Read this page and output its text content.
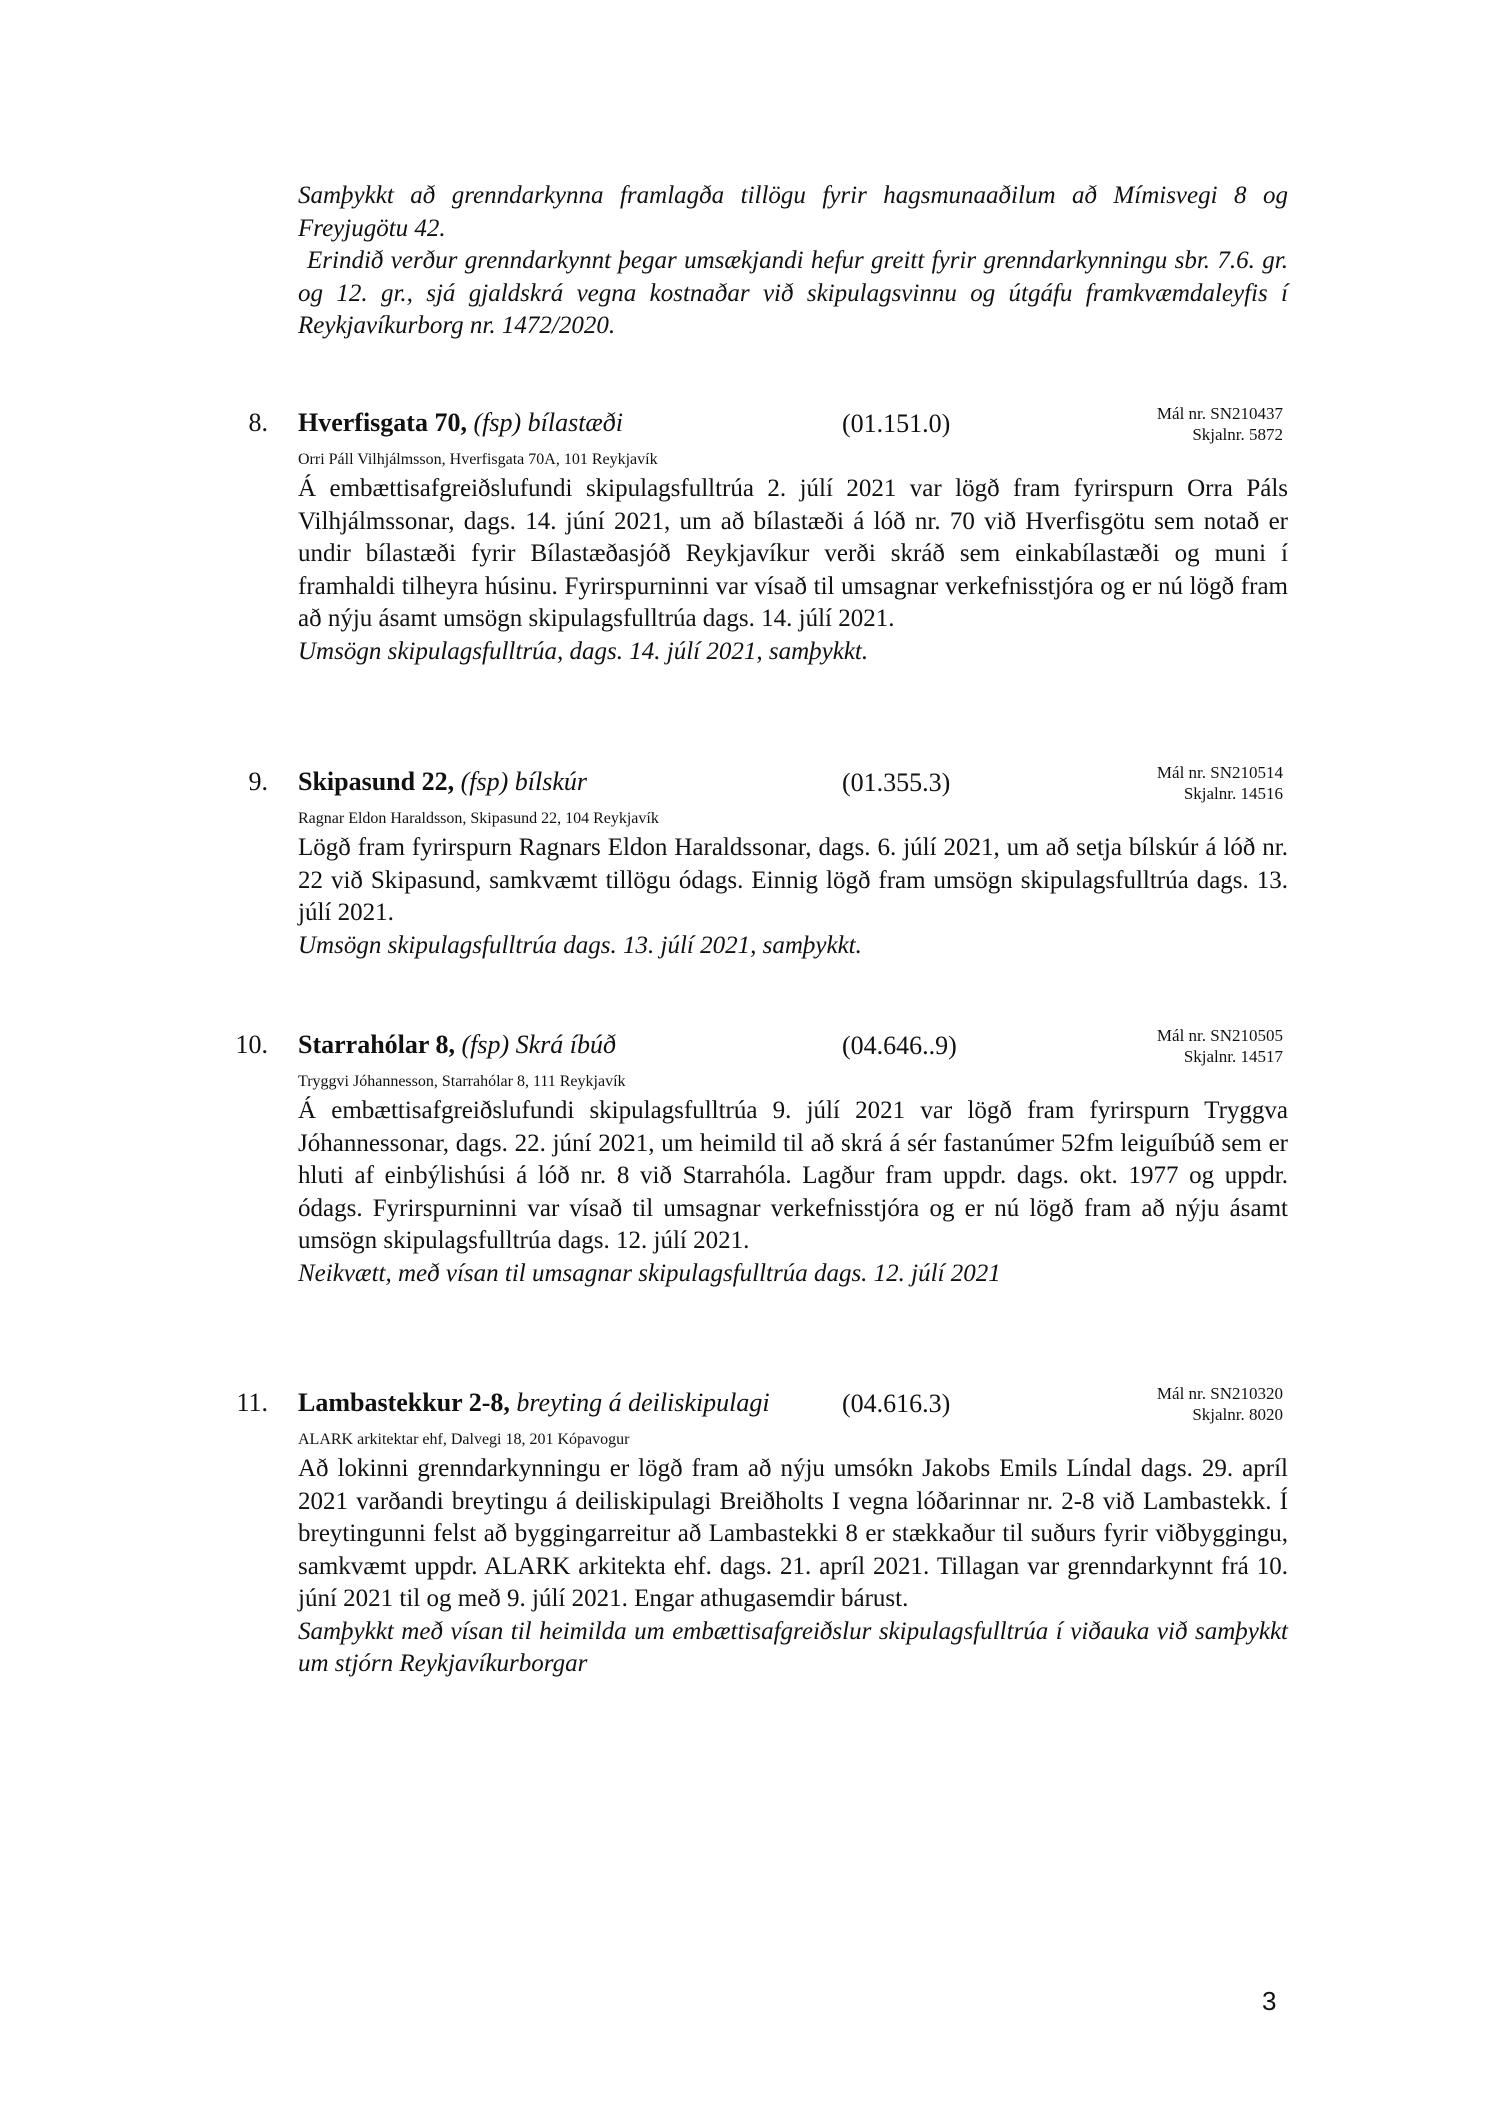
Samþykkt að grenndarkynna framlagða tillögu fyrir hagsmunaaðilum að Mímisvegi 8 og Freyjugötu 42.

Erindið verður grenndarkynnt þegar umsækjandi hefur greitt fyrir grenndarkynningu sbr. 7.6. gr. og 12. gr., sjá gjaldskrá vegna kostnaðar við skipulagsvinnu og útgáfu framkvæmdaleyfis í Reykjavíkurborg nr. 1472/2020.

8. Hverfisgata 70, (fsp) bílastæði	(01.151.0)	Mál nr. SN210437
Skjalnr. 5872
Orri Páll Vilhjálmsson, Hverfisgata 70A, 101 Reykjavík

Á embættisafgreiðslufundi skipulagsfulltrúa 2. júlí 2021 var lögð fram fyrirspurn Orra Páls Vilhjálmssonar, dags. 14. júní 2021, um að bílastæði á lóð nr. 70 við Hverfisgötu sem notað er undir bílastæði fyrir Bílastæðasjóð Reykjavíkur verði skráð sem einkabílastæði og muni í framhaldi tilheyra húsinu. Fyrirspurninni var vísað til umsagnar verkefnisstjóra og er nú lögð fram að nýju ásamt umsögn skipulagsfulltrúa dags. 14. júlí 2021.

Umsögn skipulagsfulltrúa, dags. 14. júlí 2021, samþykkt.

9. Skipasund 22, (fsp) bílskúr	(01.355.3)	Mál nr. SN210514
Skjalnr. 14516
Ragnar Eldon Haraldsson, Skipasund 22, 104 Reykjavík

Lögð fram fyrirspurn Ragnars Eldon Haraldssonar, dags. 6. júlí 2021, um að setja bílskúr á lóð nr. 22 við Skipasund, samkvæmt tillögu ódags. Einnig lögð fram umsögn skipulagsfulltrúa dags. 13. júlí 2021.

Umsögn skipulagsfulltrúa dags. 13. júlí 2021, samþykkt.

10. Starrahólar 8, (fsp) Skrá íbúð	(04.646..9)	Mál nr. SN210505
Skjalnr. 14517
Tryggvi Jóhannesson, Starrahólar 8, 111 Reykjavík

Á embættisafgreiðslufundi skipulagsfulltrúa 9. júlí 2021 var lögð fram fyrirspurn Tryggva Jóhannessonar, dags. 22. júní 2021, um heimild til að skrá á sér fastanúmer 52fm leiguíbúð sem er hluti af einbýlishúsi á lóð nr. 8 við Starrahóla. Lagður fram uppdr. dags. okt. 1977 og uppdr. ódags. Fyrirspurninni var vísað til umsagnar verkefnisstjóra og er nú lögð fram að nýju ásamt umsögn skipulagsfulltrúa dags. 12. júlí 2021.

Neikvætt, með vísan til umsagnar skipulagsfulltrúa dags. 12. júlí 2021

11. Lambastekkur 2-8, breyting á deiliskipulagi	(04.616.3)	Mál nr. SN210320
Skjalnr. 8020
ALARK arkitektar ehf, Dalvegi 18, 201 Kópavogur

Að lokinni grenndarkynningu er lögð fram að nýju umsókn Jakobs Emils Líndal dags. 29. apríl 2021 varðandi breytingu á deiliskipulagi Breiðholts I vegna lóðarinnar nr. 2-8 við Lambastekk. Í breytingunni felst að byggingarreitur að Lambastekki 8 er stækkaður til suðurs fyrir viðbyggingu, samkvæmt uppdr. ALARK arkitekta ehf. dags. 21. apríl 2021. Tillagan var grenndarkynnt frá 10. júní 2021 til og með 9. júlí 2021. Engar athugasemdir bárust.

Samþykkt með vísan til heimilda um embættisafgreiðslur skipulagsfulltrúa í viðauka við samþykkt um stjórn Reykjavíkurborgar

3
